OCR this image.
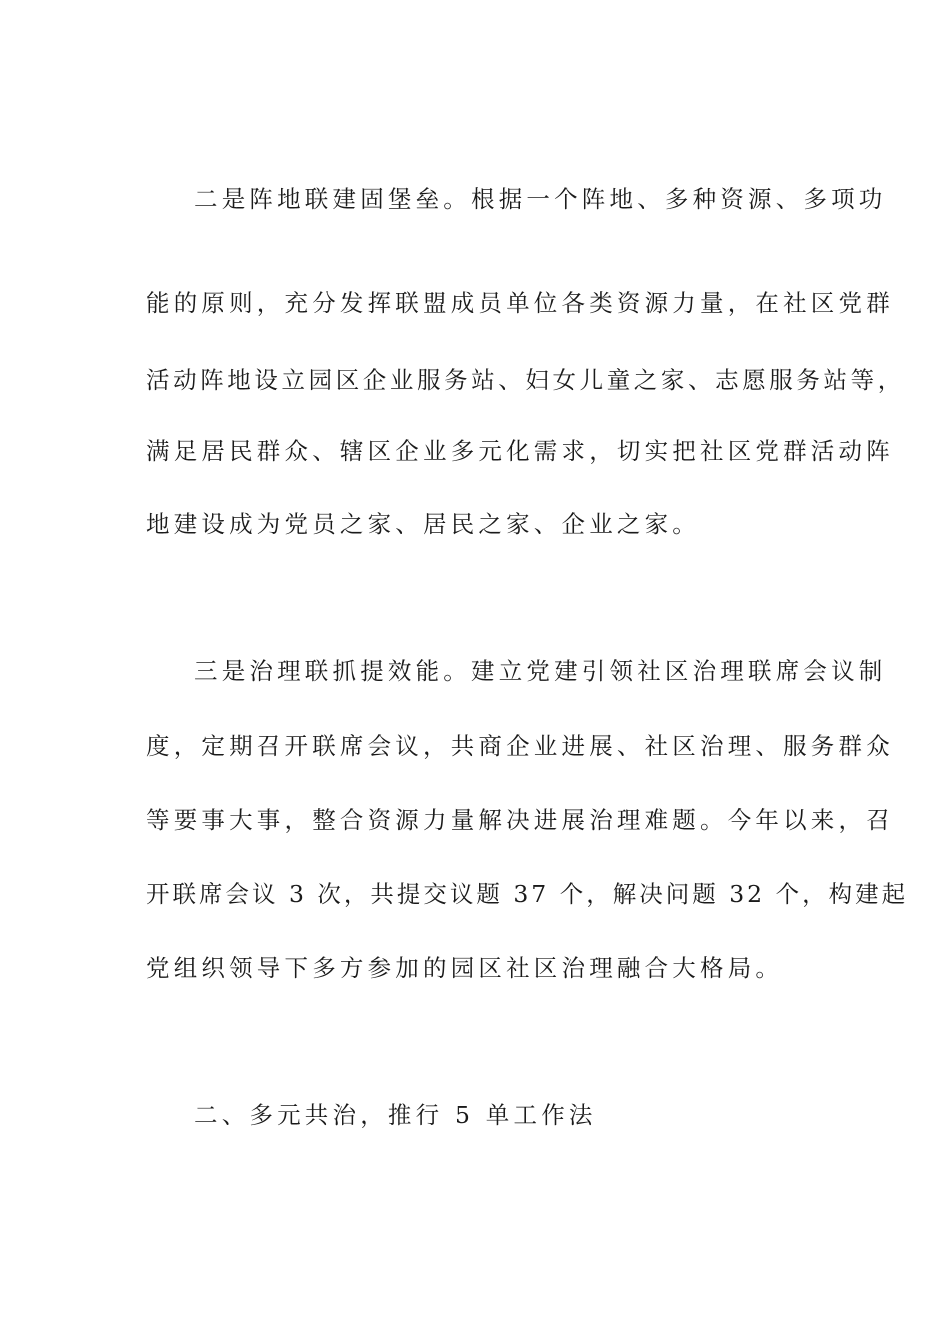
二是阵地联建固堡垒。根据一个阵地、多种资源、多项功
能的原则，充分发挥联盟成员单位各类资源力量，在社区党群
活动阵地设立园区企业服务站、妇女儿童之家、志愿服务站等，
满足居民群众、辖区企业多元化需求，切实把社区党群活动阵
地建设成为党员之家、居民之家、企业之家。
三是治理联抓提效能。建立党建引领社区治理联席会议制
度，定期召开联席会议，共商企业进展、社区治理、服务群众
等要事大事，整合资源力量解决进展治理难题。今年以来，召
开联席会议 3 次，共提交议题 37 个，解决问题 32 个，构建起
党组织领导下多方参加的园区社区治理融合大格局。
二、多元共治，推行 5 单工作法
